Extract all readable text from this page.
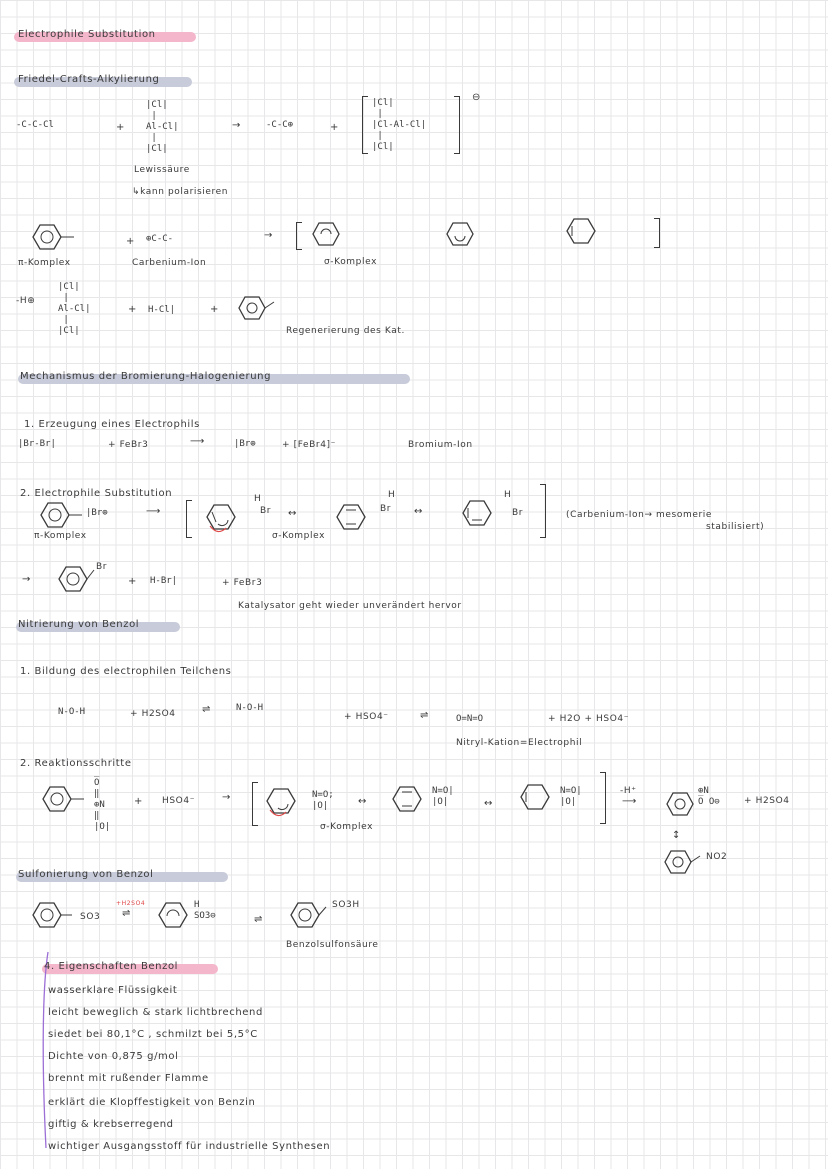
Electrophile Substitution
Friedel-Crafts-Alkylierung
-C-C-Cl	+
|Cl|
|
Al-Cl|
|
|Cl|
→	-C-C⊕	+
|Cl|
|
|Cl-Al-Cl|
|
|Cl|
⊖
Lewissäure
↳kann polarisieren
+ ⊕C-C-	→
π-Komplex	Carbenium-Ion	σ-Komplex
-H⊕
|Cl|
|
Al-Cl|
|
|Cl|
+ H-Cl|	+
Regenerierung des Kat.
Mechanismus der Bromierung-Halogenierung
1. Erzeugung eines Electrophils
|Br-Br|	+ FeBr3	⟶	|Br⊕	+ [FeBr4]⁻	Bromium-Ion
2. Electrophile Substitution
|Br⊕	⟶	Br
H
↔	Br
H
↔	Br
H
(Carbenium-Ion→ mesomerie
stabilisiert)
π-Komplex	σ-Komplex
→
Br
+ H-Br|	+ FeBr3
Katalysator geht wieder unverändert hervor
Nitrierung von Benzol
1. Bildung des electrophilen Teilchens
N-O-H	+ H2SO4	⇌	N-O-H
+ HSO4⁻	⇌	O=N=O	+ H2O + HSO4⁻
Nitryl-Kation=Electrophil
2. Reaktionsschritte
O̅
‖
⊕N
‖
|O|
+ HSO4⁻	→	N=O;
|O|	↔
N=O|
|O|	↔
N=O|
|O|
σ-Komplex
-H⁺
⟶
⊕N
O̅ O⊖	+ H2SO4
↕
NO2
Sulfonierung von Benzol
SO3
+H2SO4
⇌
H
SO3⊖	⇌
SO3H
Benzolsulfonsäure
4. Eigenschaften Benzol
wasserklare Flüssigkeit
leicht beweglich & stark lichtbrechend
siedet bei 80,1°C , schmilzt bei 5,5°C
Dichte von 0,875 g/mol
brennt mit rußender Flamme
erklärt die Klopffestigkeit von Benzin
giftig & krebserregend
wichtiger Ausgangsstoff für industrielle Synthesen
